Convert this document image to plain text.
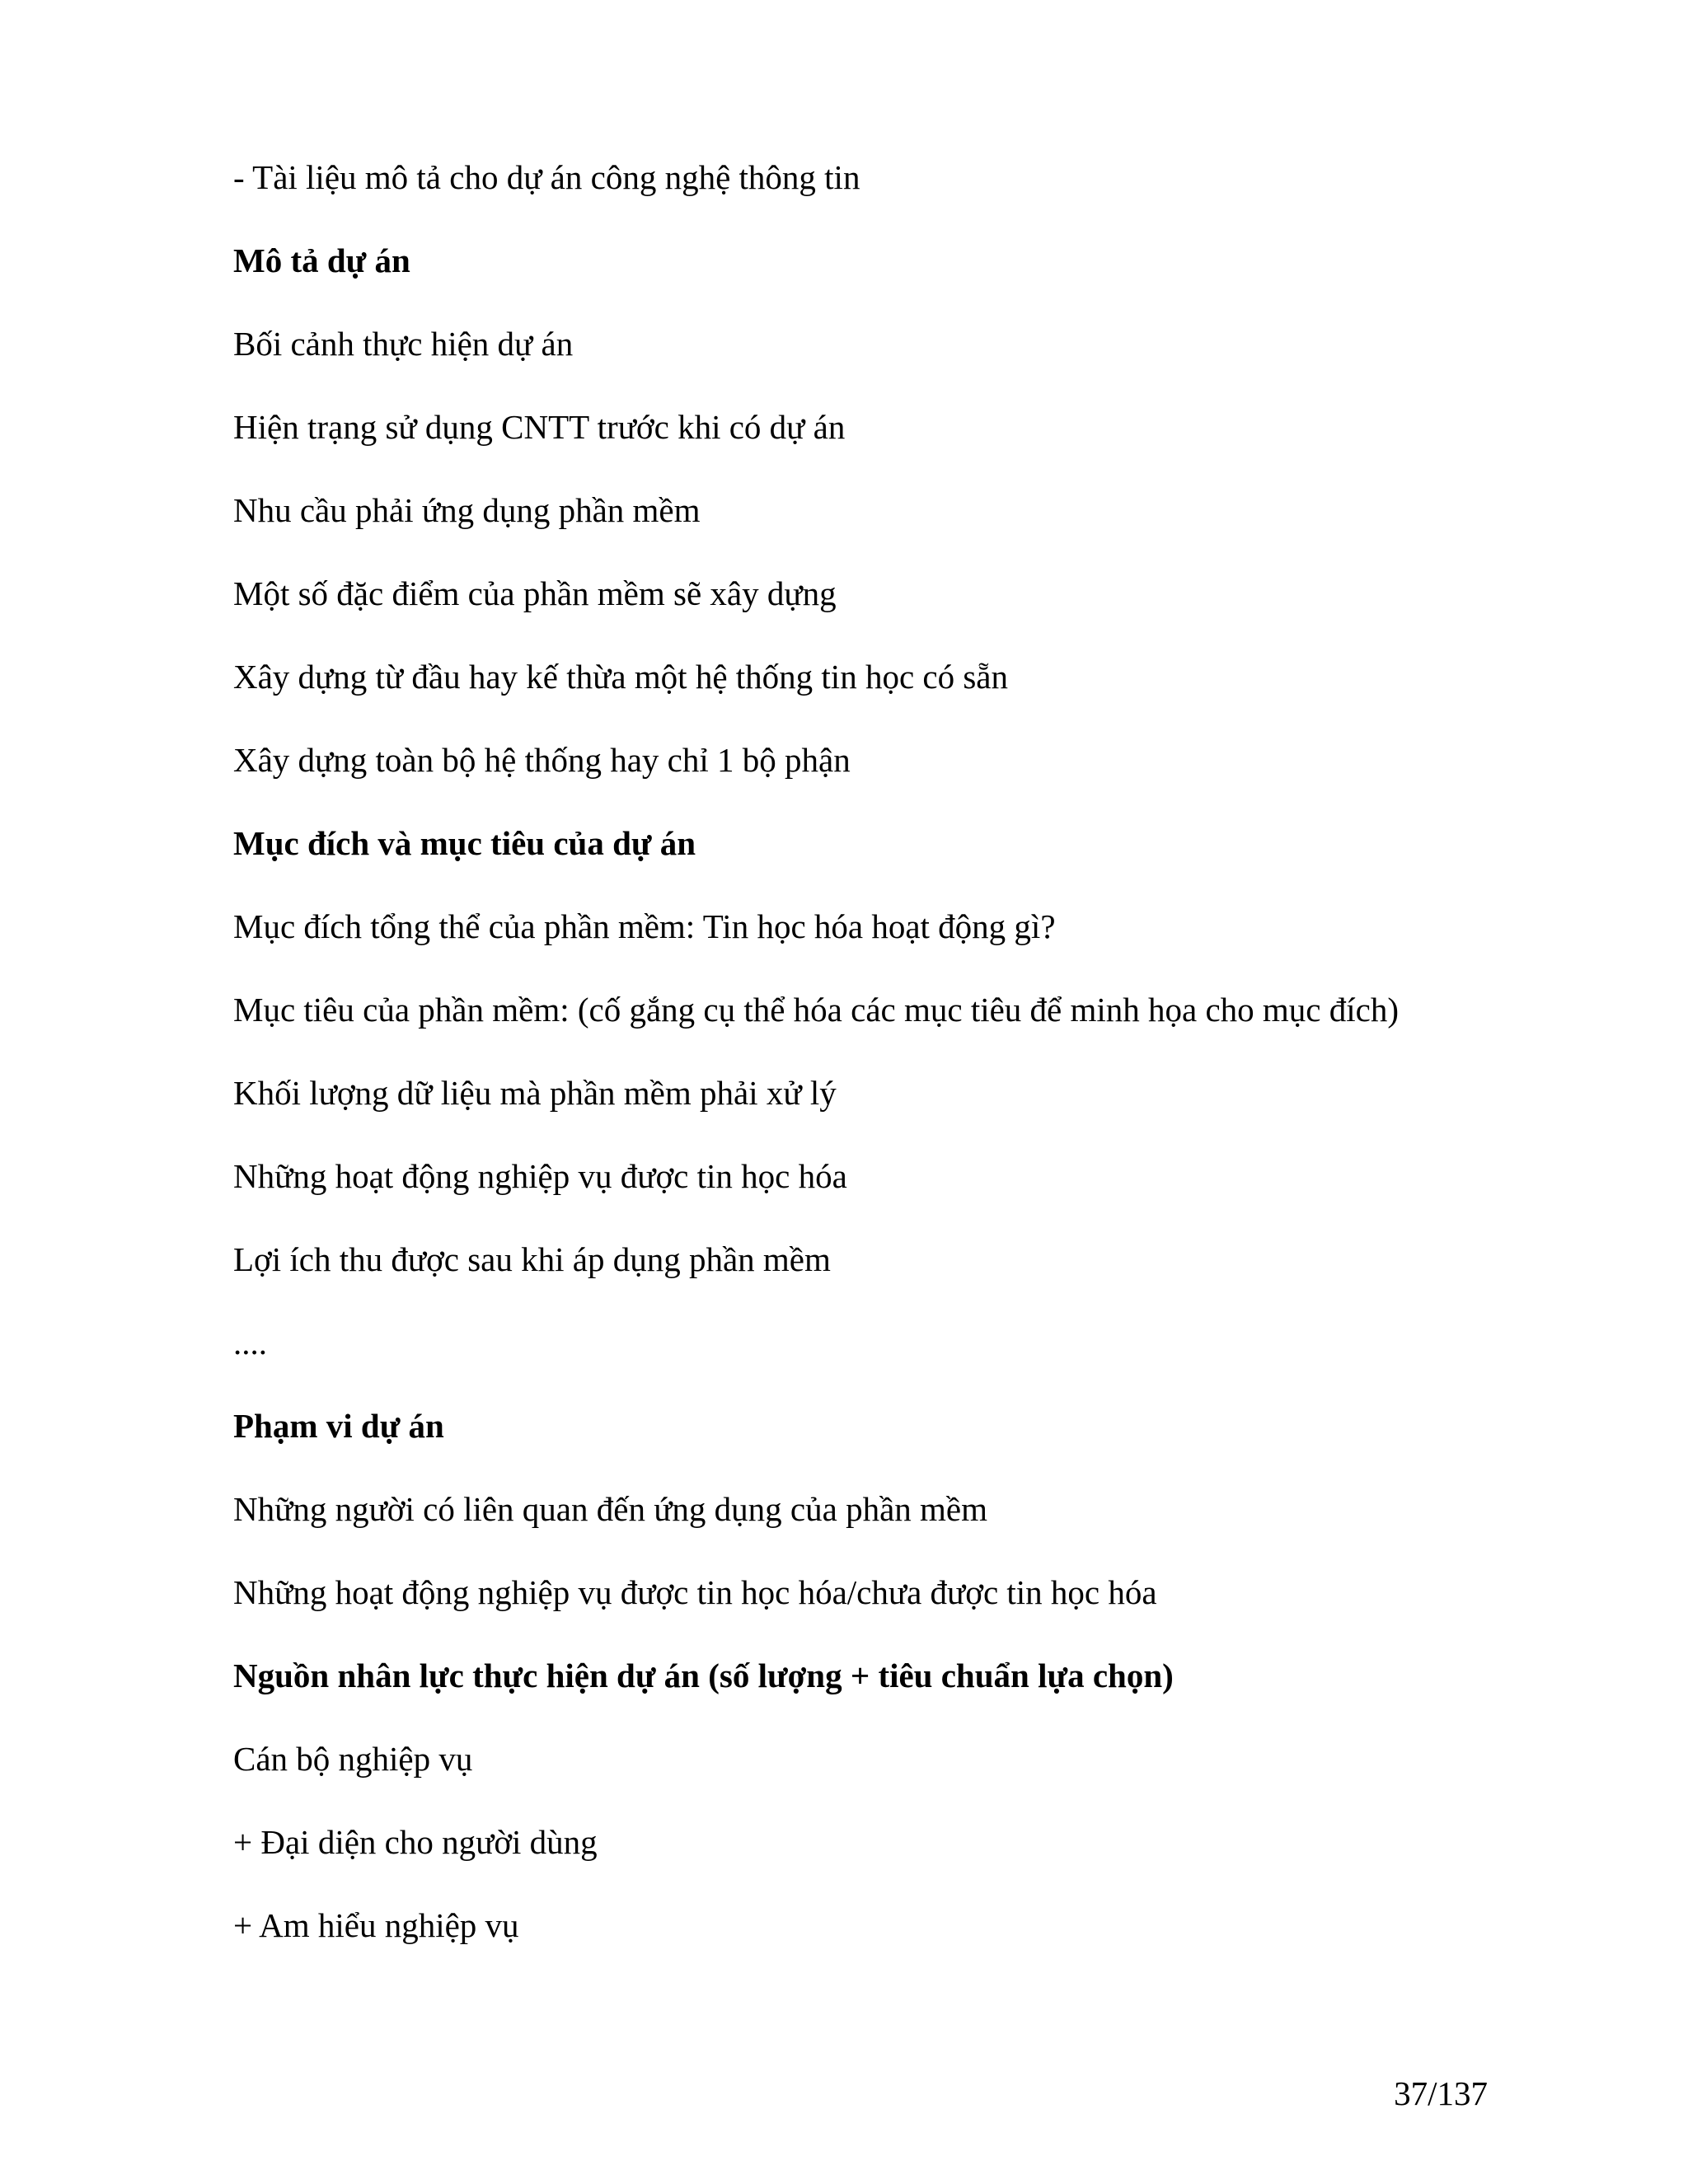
- Tài liệu mô tả cho dự án công nghệ thông tin
Mô tả dự án
Bối cảnh thực hiện dự án
Hiện trạng sử dụng CNTT trước khi có dự án
Nhu cầu phải ứng dụng phần mềm
Một số đặc điểm của phần mềm sẽ xây dựng
Xây dựng từ đầu hay kế thừa một hệ thống tin học có sẵn
Xây dựng toàn bộ hệ thống hay chỉ 1 bộ phận
Mục đích và mục tiêu của dự án
Mục đích tổng thể của phần mềm: Tin học hóa hoạt động gì?
Mục tiêu của phần mềm: (cố gắng cụ thể hóa các mục tiêu để minh họa cho mục đích)
Khối lượng dữ liệu mà phần mềm phải xử lý
Những hoạt động nghiệp vụ được tin học hóa
Lợi ích thu được sau khi áp dụng phần mềm
....
Phạm vi dự án
Những người có liên quan đến ứng dụng của phần mềm
Những hoạt động nghiệp vụ được tin học hóa/chưa được tin học hóa
Nguồn nhân lực thực hiện dự án (số lượng + tiêu chuẩn lựa chọn)
Cán bộ nghiệp vụ
+ Đại diện cho người dùng
+ Am hiểu nghiệp vụ
37/137
